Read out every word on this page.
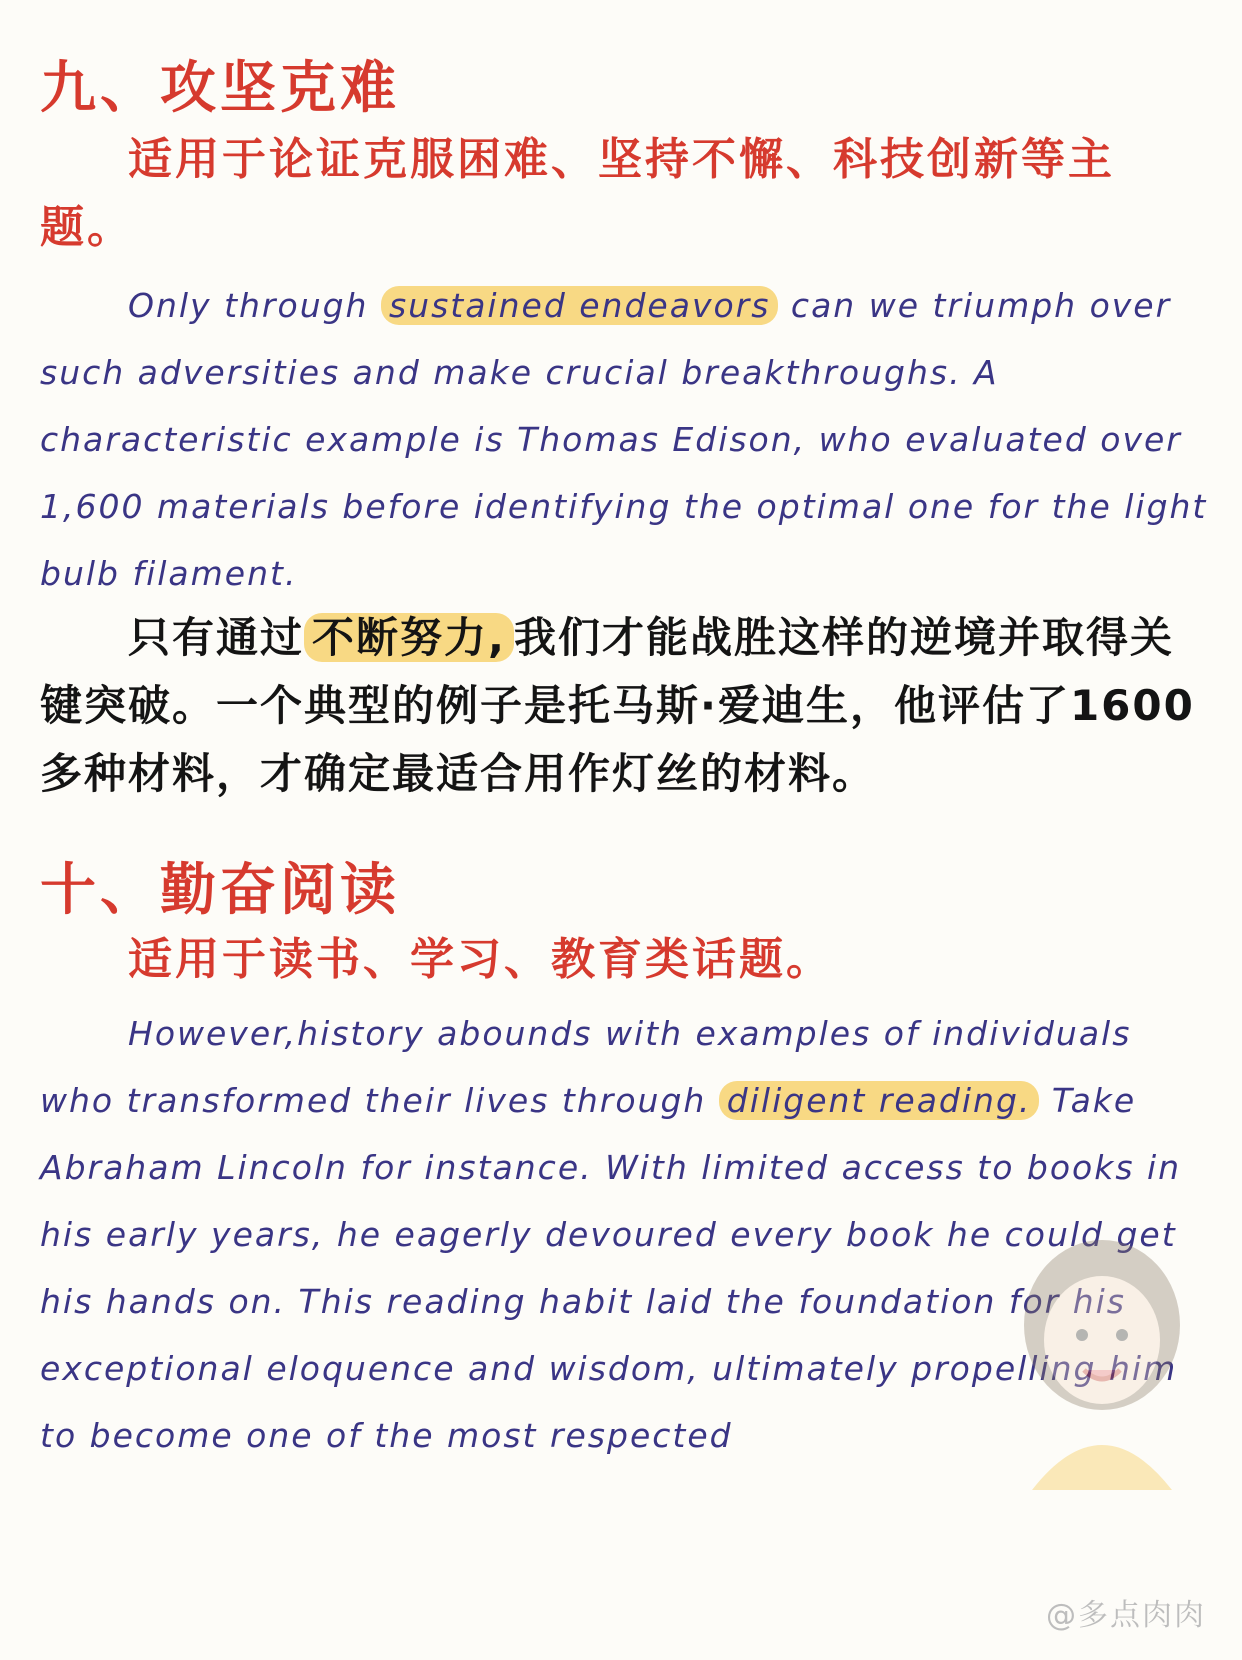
九、攻坚克难
适用于论证克服困难、坚持不懈、科技创新等主题。
Only through sustained endeavors can we triumph over such adversities and make crucial breakthroughs. A characteristic example is Thomas Edison, who evaluated over 1,600 materials before identifying the optimal one for the light bulb filament.
只有通过 不断努力, 我们才能战胜这样的逆境并取得关键突破。一个典型的例子是托马斯·爱迪生，他评估了1600多种材料，才确定最适合用作灯丝的材料。
十、勤奋阅读
适用于读书、学习、教育类话题。
However,history abounds with examples of individuals who transformed their lives through diligent reading. Take Abraham Lincoln for instance. With limited access to books in his early years, he eagerly devoured every book he could get his hands on. This reading habit laid the foundation for his exceptional eloquence and wisdom, ultimately propelling him to become one of the most respected
@多点肉肉
